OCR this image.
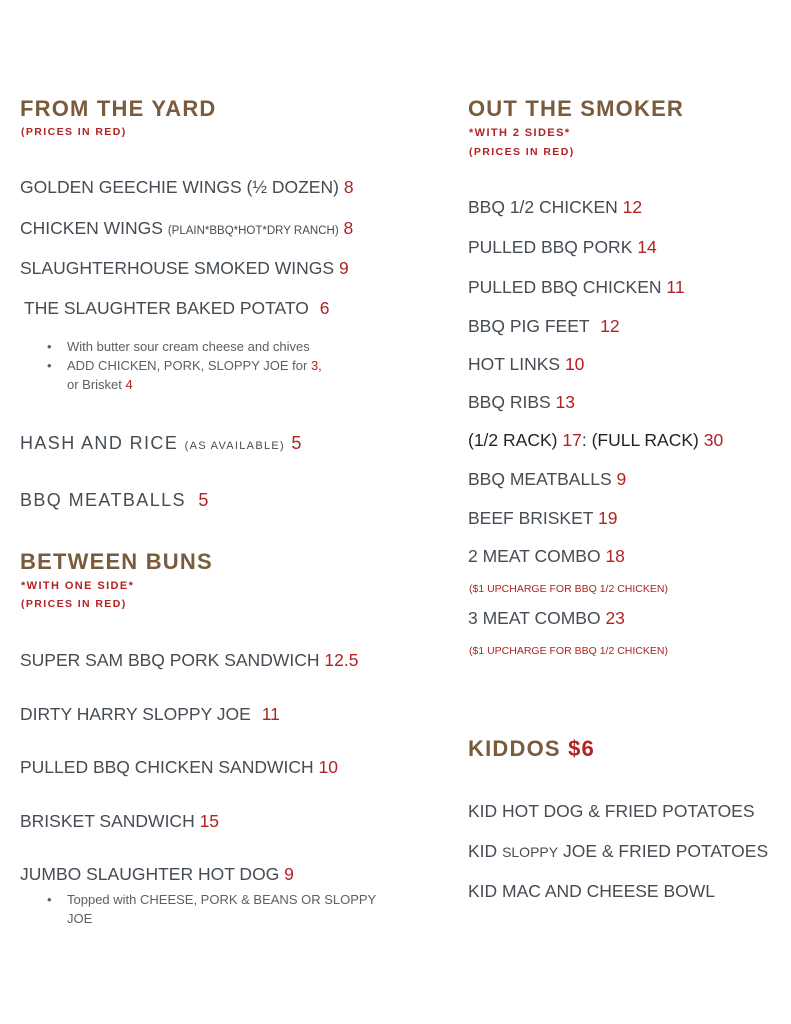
FROM THE YARD
(PRICES IN RED)
GOLDEN GEECHIE WINGS (½ DOZEN) 8
CHICKEN WINGS (PLAIN*BBQ*HOT*DRY RANCH) 8
SLAUGHTERHOUSE SMOKED WINGS 9
THE SLAUGHTER BAKED POTATO 6
• With butter sour cream cheese and chives
• ADD CHICKEN, PORK, SLOPPY JOE for 3,
or Brisket 4
HASH AND RICE (AS AVAILABLE) 5
BBQ MEATBALLS 5
BETWEEN BUNS
*WITH ONE SIDE*
(PRICES IN RED)
SUPER SAM BBQ PORK SANDWICH 12.5
DIRTY HARRY SLOPPY JOE 11
PULLED BBQ CHICKEN SANDWICH 10
BRISKET SANDWICH 15
JUMBO SLAUGHTER HOT DOG 9
• Topped with CHEESE, PORK & BEANS OR SLOPPY
JOE
OUT THE SMOKER
*WITH 2 SIDES*
(PRICES IN RED)
BBQ 1/2 CHICKEN 12
PULLED BBQ PORK 14
PULLED BBQ CHICKEN 11
BBQ PIG FEET 12
HOT LINKS 10
BBQ RIBS 13
(1/2 RACK) 17: (FULL RACK) 30
BBQ MEATBALLS 9
BEEF BRISKET 19
2 MEAT COMBO 18
($1 UPCHARGE FOR BBQ 1/2 CHICKEN)
3 MEAT COMBO 23
($1 UPCHARGE FOR BBQ 1/2 CHICKEN)
KIDDOS $6
KID HOT DOG & FRIED POTATOES
KID SLOPPY JOE & FRIED POTATOES
KID MAC AND CHEESE BOWL
